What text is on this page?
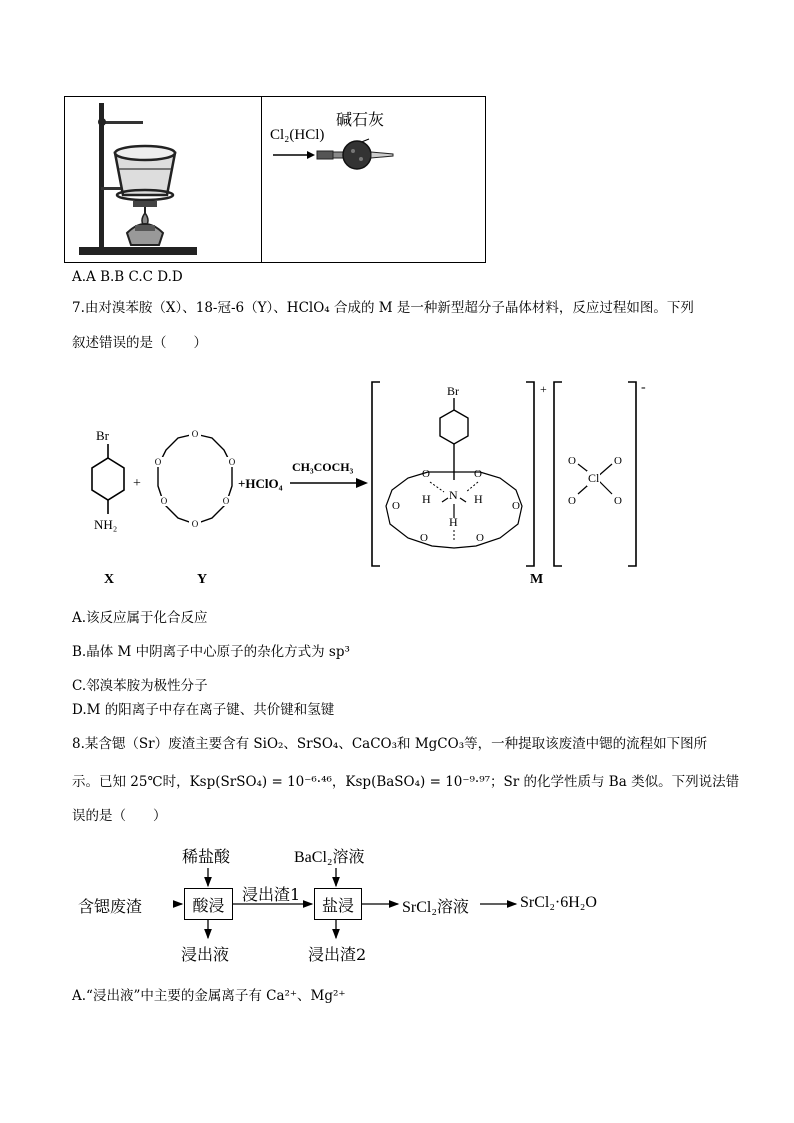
碱石灰
Cl₂(HCl)
A.A B.B C.C D.D
7.由对溴苯胺（X）、18-冠-6（Y）、HClO₄ 合成的 M 是一种新型超分子晶体材料，反应过程如图。下列
叙述错误的是（　　）
Br
NH₂
X
+
O
O
O
O
O
O
Y
+HClO₄
CH₃COCH₃
Br
N
H	H
H
O	O
O	O
O	O
+
O	O
O	O
Cl
-
M
A.该反应属于化合反应
B.晶体 M 中阴离子中心原子的杂化方式为 sp³
C.邻溴苯胺为极性分子
D.M 的阳离子中存在离子键、共价键和氢键
8.某含锶（Sr）废渣主要含有 SiO₂、SrSO₄、CaCO₃和 MgCO₃等，一种提取该废渣中锶的流程如下图所
示。已知 25℃时，Ksp(SrSO₄) = 10⁻⁶·⁴⁶，Ksp(BaSO₄) = 10⁻⁹·⁹⁷；Sr 的化学性质与 Ba 类似。下列说法错
误的是（　　）
含锶废渣
稀盐酸
酸浸
浸出液
浸出渣1
BaCl₂溶液
盐浸
浸出渣2
SrCl₂溶液	SrCl₂·6H₂O
A.“浸出液”中主要的金属离子有 Ca²⁺、Mg²⁺
